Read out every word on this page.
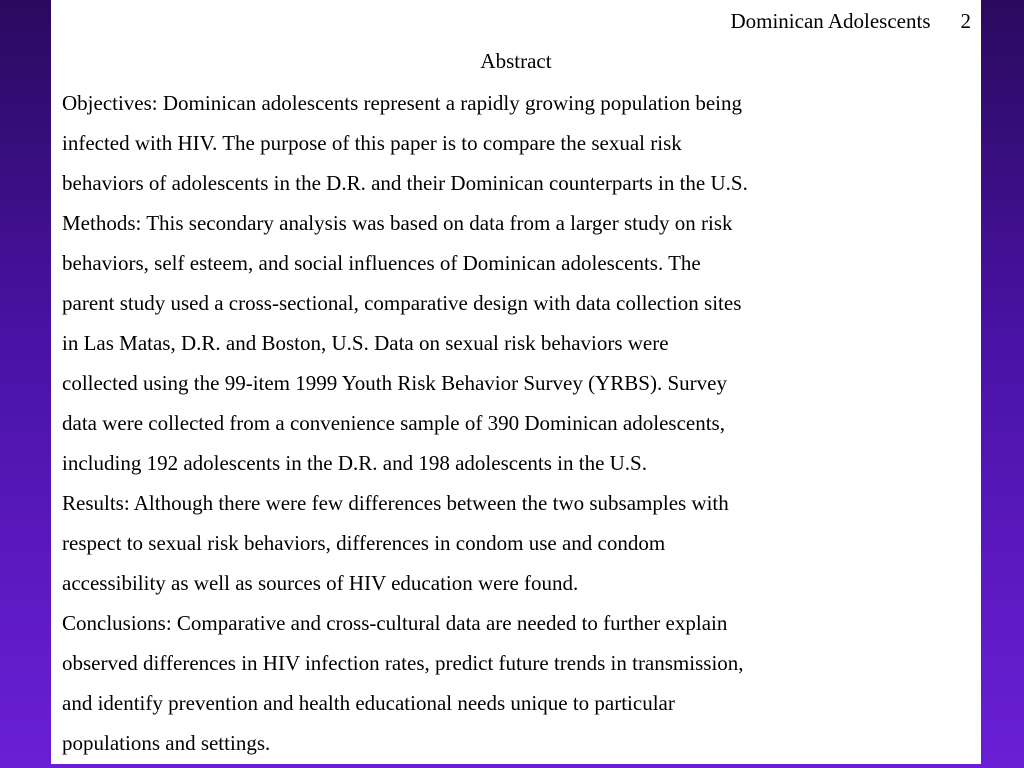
Dominican Adolescents 2
Abstract
Objectives: Dominican adolescents represent a rapidly growing population being
infected with HIV. The purpose of this paper is to compare the sexual risk
behaviors of adolescents in the D.R. and their Dominican counterparts in the U.S.
Methods: This secondary analysis was based on data from a larger study on risk
behaviors, self esteem, and social influences of Dominican adolescents. The
parent study used a cross-sectional, comparative design with data collection sites
in Las Matas, D.R. and Boston, U.S. Data on sexual risk behaviors were
collected using the 99-item 1999 Youth Risk Behavior Survey (YRBS). Survey
data were collected from a convenience sample of 390 Dominican adolescents,
including 192 adolescents in the D.R. and 198 adolescents in the U.S.
Results: Although there were few differences between the two subsamples with
respect to sexual risk behaviors, differences in condom use and condom
accessibility as well as sources of HIV education were found.
Conclusions: Comparative and cross-cultural data are needed to further explain
observed differences in HIV infection rates, predict future trends in transmission,
and identify prevention and health educational needs unique to particular
populations and settings.
